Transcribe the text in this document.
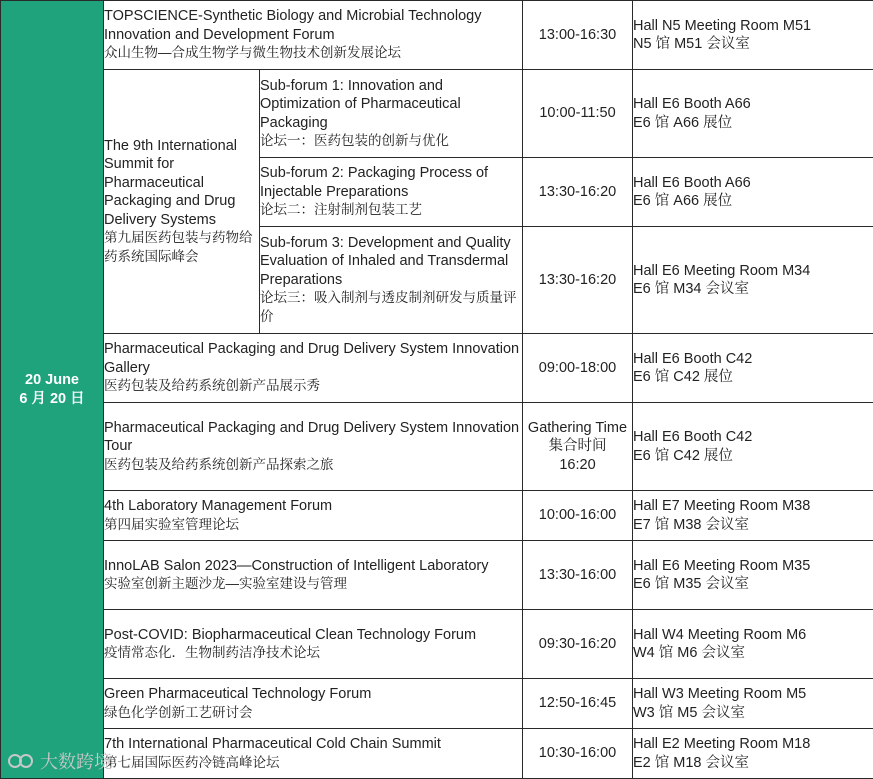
20 June
6 月 20 日	TOPSCIENCE-Synthetic Biology and Microbial Technology Innovation and Development Forum
众山生物—合成生物学与微生物技术创新发展论坛		13:00-16:30	Hall N5 Meeting Room M51
N5 馆 M51 会议室

	The 9th International Summit for Pharmaceutical Packaging and Drug Delivery Systems
第九届医药包装与药物给药系统国际峰会	Sub-forum 1: Innovation and Optimization of Pharmaceutical Packaging
论坛一：医药包装的创新与优化	10:00-11:50	Hall E6 Booth A66
E6 馆 A66 展位

		Sub-forum 2: Packaging Process of Injectable Preparations
论坛二：注射制剂包装工艺	13:30-16:20	Hall E6 Booth A66
E6 馆 A66 展位

		Sub-forum 3: Development and Quality Evaluation of Inhaled and Transdermal Preparations
论坛三：吸入制剂与透皮制剂研发与质量评价	13:30-16:20	Hall E6 Meeting Room M34
E6 馆 M34 会议室

	Pharmaceutical Packaging and Drug Delivery System Innovation Gallery
医药包装及给药系统创新产品展示秀		09:00-18:00	Hall E6 Booth C42
E6 馆 C42 展位

	Pharmaceutical Packaging and Drug Delivery System Innovation Tour
医药包装及给药系统创新产品探索之旅		Gathering Time
集合时间
16:20	Hall E6 Booth C42
E6 馆 C42 展位

	4th Laboratory Management Forum
第四届实验室管理论坛		10:00-16:00	Hall E7 Meeting Room M38
E7 馆 M38 会议室

	InnoLAB Salon 2023—Construction of Intelligent Laboratory
实验室创新主题沙龙—实验室建设与管理		13:30-16:00	Hall E6 Meeting Room M35
E6 馆 M35 会议室

	Post-COVID: Biopharmaceutical Clean Technology Forum
疫情常态化．生物制药洁净技术论坛		09:30-16:20	Hall W4 Meeting Room M6
W4 馆 M6 会议室

	Green Pharmaceutical Technology Forum
绿色化学创新工艺研讨会		12:50-16:45	Hall W3 Meeting Room M5
W3 馆 M5 会议室

	7th International Pharmaceutical Cold Chain Summit
第七届国际医药冷链高峰论坛		10:30-16:00	Hall E2 Meeting Room M18
E2 馆 M18 会议室
大数跨境
